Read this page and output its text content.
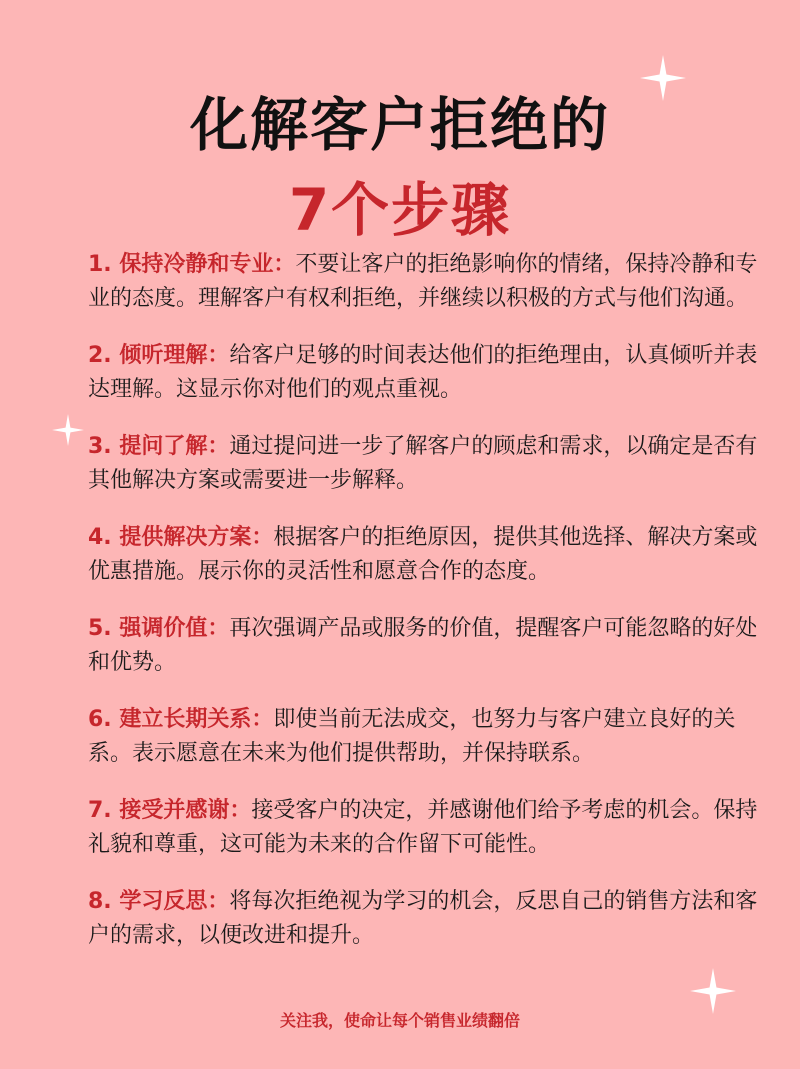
化解客户拒绝的
7个步骤
1. 保持冷静和专业：不要让客户的拒绝影响你的情绪，保持冷静和专业的态度。理解客户有权利拒绝，并继续以积极的方式与他们沟通。
2. 倾听理解：给客户足够的时间表达他们的拒绝理由，认真倾听并表达理解。这显示你对他们的观点重视。
3. 提问了解：通过提问进一步了解客户的顾虑和需求，以确定是否有其他解决方案或需要进一步解释。
4. 提供解决方案：根据客户的拒绝原因，提供其他选择、解决方案或优惠措施。展示你的灵活性和愿意合作的态度。
5. 强调价值：再次强调产品或服务的价值，提醒客户可能忽略的好处和优势。
6. 建立长期关系：即使当前无法成交，也努力与客户建立良好的关系。表示愿意在未来为他们提供帮助，并保持联系。
7. 接受并感谢：接受客户的决定，并感谢他们给予考虑的机会。保持礼貌和尊重，这可能为未来的合作留下可能性。
8. 学习反思：将每次拒绝视为学习的机会，反思自己的销售方法和客户的需求，以便改进和提升。
关注我，使命让每个销售业绩翻倍
